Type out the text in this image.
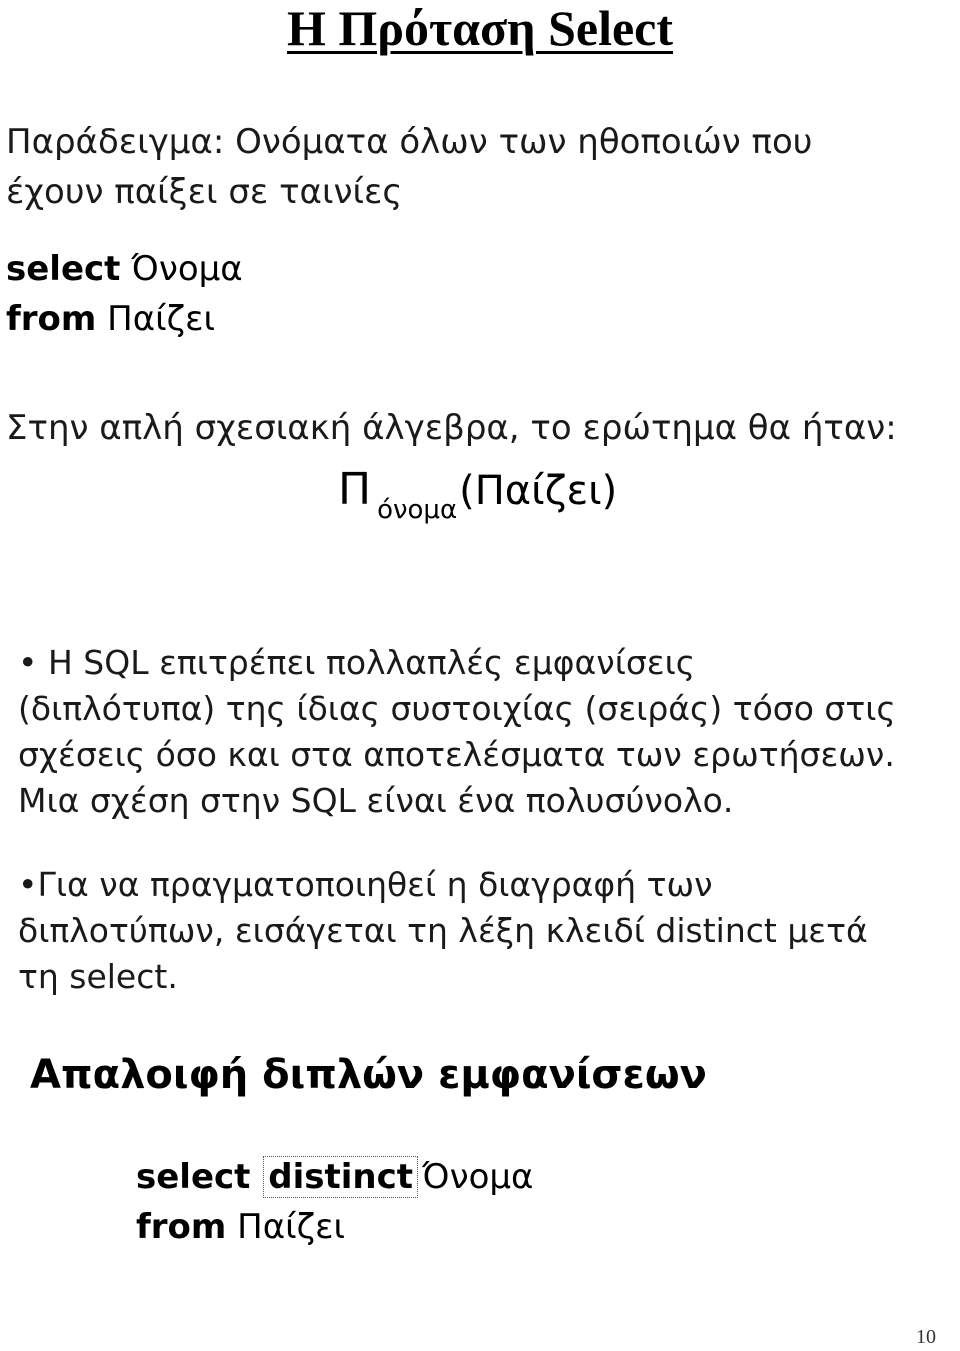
Η Πρόταση Select
Παράδειγμα: Ονόματα όλων των ηθοποιών που
έχουν παίξει σε ταινίες
select Όνομα
from Παίζει
Στην απλή σχεσιακή άλγεβρα, το ερώτημα θα ήταν:
Π $_{ό\nu o\mu\alpha}$(Παίζει)
• Η SQL επιτρέπει πολλαπλές εμφανίσεις
(διπλότυπα) της ίδιας συστοιχίας (σειράς) τόσο στις
σχέσεις όσο και στα αποτελέσματα των ερωτήσεων.
Μια σχέση στην SQL είναι ένα πολυσύνολο.
•Για να πραγματοποιηθεί η διαγραφή των
διπλοτύπων, εισάγεται τη λέξη κλειδί distinct μετά
τη select.
Απαλοιφή διπλών εμφανίσεων
select distinct Όνομα
from Παίζει
10
